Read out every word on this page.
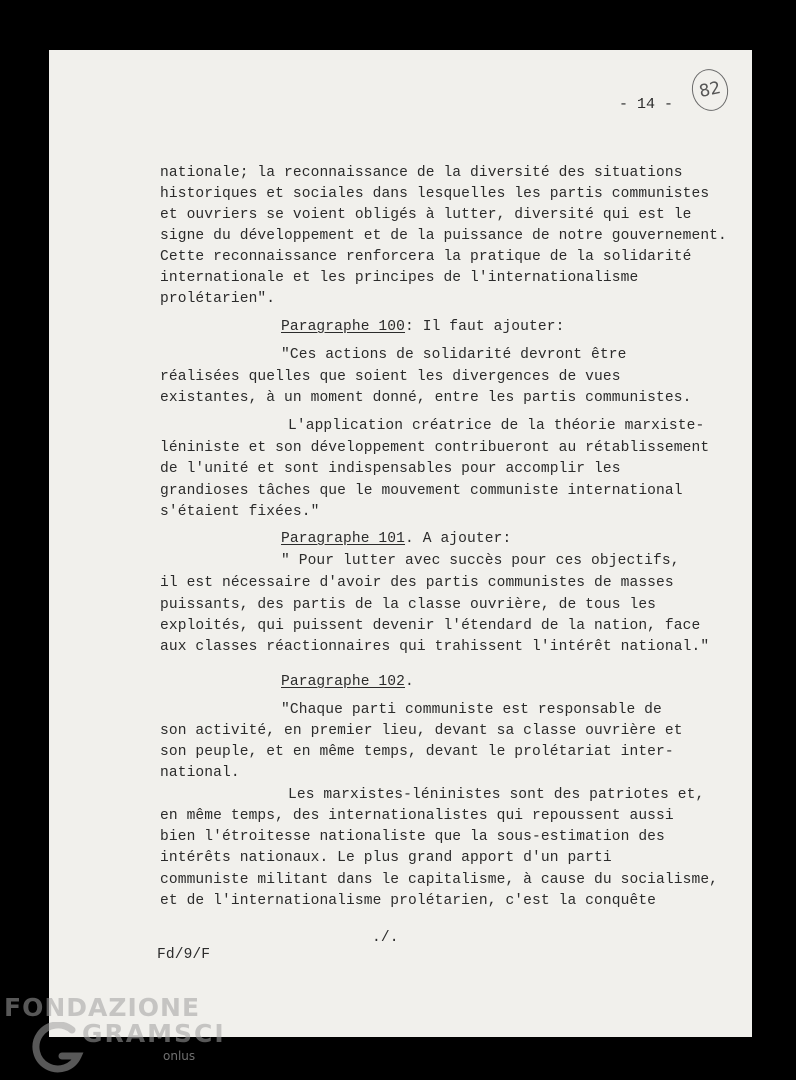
- 14 -
82
nationale; la reconnaissance de la diversité des situations
historiques et sociales dans lesquelles les partis communistes
et ouvriers se voient obligés à lutter, diversité qui est le
signe du développement et de la puissance de notre gouvernement.
Cette reconnaissance renforcera la pratique de la solidarité
internationale et les principes de l'internationalisme
prolétarien".
Paragraphe 100: Il faut ajouter:
"Ces actions de solidarité devront être
réalisées quelles que soient les divergences de vues
existantes, à un moment donné, entre les partis communistes.
L'application créatrice de la théorie marxiste-
léniniste et son développement contribueront au rétablissement
de l'unité et sont indispensables pour accomplir les
grandioses tâches que le mouvement communiste international
s'étaient fixées."
Paragraphe 101. A ajouter:
" Pour lutter avec succès pour ces objectifs,
il est nécessaire d'avoir des partis communistes de masses
puissants, des partis de la classe ouvrière, de tous les
exploités, qui puissent devenir l'étendard de la nation, face
aux classes réactionnaires qui trahissent l'intérêt national."
Paragraphe 102.
"Chaque parti communiste est responsable de
son activité, en premier lieu, devant sa classe ouvrière et
son peuple, et en même temps, devant le prolétariat inter-
national.
Les marxistes-léninistes sont des patriotes et,
en même temps, des internationalistes qui repoussent aussi
bien l'étroitesse nationaliste que la sous-estimation des
intérêts nationaux. Le plus grand apport d'un parti
communiste militant dans le capitalisme, à cause du socialisme,
et de l'internationalisme prolétarien, c'est la conquête
./.
Fd/9/F
FONDAZIONE
GRAMSCI
onlus
